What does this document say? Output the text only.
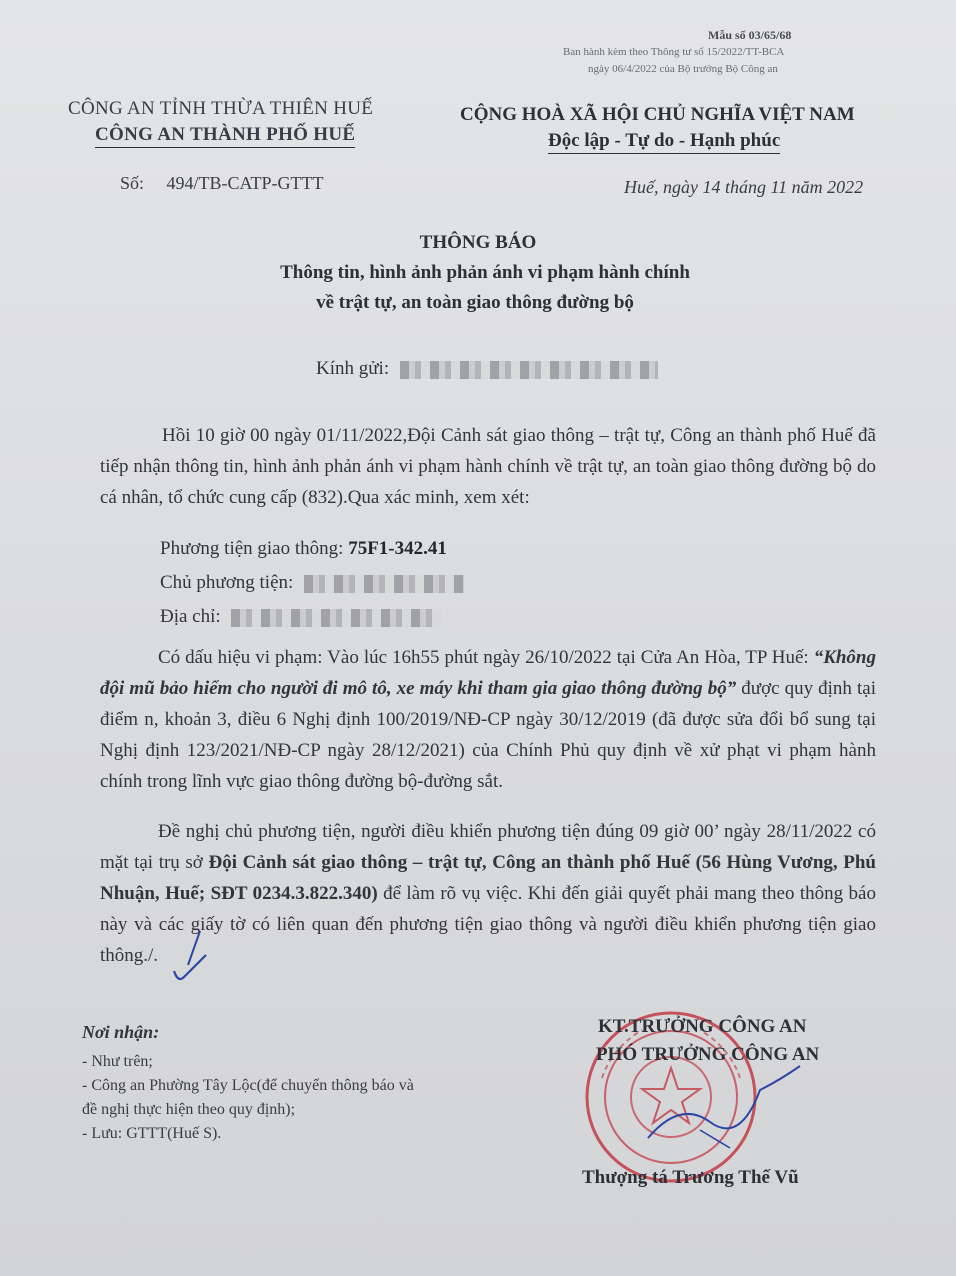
Mẫu số 03/65/68
Ban hành kèm theo Thông tư số 15/2022/TT-BCA
ngày 06/4/2022 của Bộ trưởng Bộ Công an
CÔNG AN TỈNH THỪA THIÊN HUẾ
CÔNG AN THÀNH PHỐ HUẾ
Số: 494/TB-CATP-GTTT
CỘNG HOÀ XÃ HỘI CHỦ NGHĨA VIỆT NAM
Độc lập - Tự do - Hạnh phúc
Huế, ngày 14 tháng 11 năm 2022
THÔNG BÁO
Thông tin, hình ảnh phản ánh vi phạm hành chính
về trật tự, an toàn giao thông đường bộ
Kính gửi:
Hồi 10 giờ 00 ngày 01/11/2022,Đội Cảnh sát giao thông – trật tự, Công an thành phố Huế đã tiếp nhận thông tin, hình ảnh phản ánh vi phạm hành chính về trật tự, an toàn giao thông đường bộ do cá nhân, tổ chức cung cấp (832).Qua xác minh, xem xét:
Phương tiện giao thông: 75F1-342.41
Chủ phương tiện:
Địa chỉ:
Có dấu hiệu vi phạm: Vào lúc 16h55 phút ngày 26/10/2022 tại Cửa An Hòa, TP Huế: “Không đội mũ bảo hiểm cho người đi mô tô, xe máy khi tham gia giao thông đường bộ” được quy định tại điểm n, khoản 3, điều 6 Nghị định 100/2019/NĐ-CP ngày 30/12/2019 (đã được sửa đổi bổ sung tại Nghị định 123/2021/NĐ-CP ngày 28/12/2021) của Chính Phủ quy định về xử phạt vi phạm hành chính trong lĩnh vực giao thông đường bộ-đường sắt.
Đề nghị chủ phương tiện, người điều khiển phương tiện đúng 09 giờ 00’ ngày 28/11/2022 có mặt tại trụ sở Đội Cảnh sát giao thông – trật tự, Công an thành phố Huế (56 Hùng Vương, Phú Nhuận, Huế; SĐT 0234.3.822.340) để làm rõ vụ việc. Khi đến giải quyết phải mang theo thông báo này và các giấy tờ có liên quan đến phương tiện giao thông và người điều khiển phương tiện giao thông./.
Nơi nhận:
- Như trên;
- Công an Phường Tây Lộc(để chuyển thông báo và
đề nghị thực hiện theo quy định);
- Lưu: GTTT(Huế S).
KT.TRƯỞNG CÔNG AN
PHÓ TRƯỞNG CÔNG AN
Thượng tá Trương Thế Vũ
